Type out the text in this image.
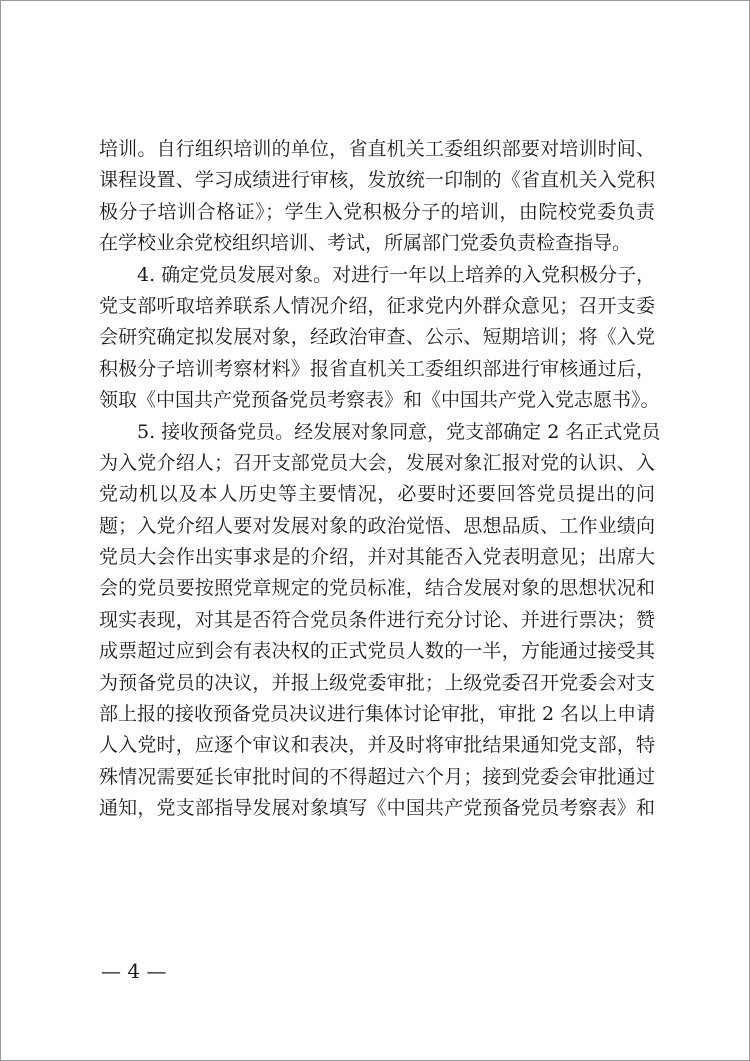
培训。自行组织培训的单位，省直机关工委组织部要对培训时间、
课程设置、学习成绩进行审核，发放统一印制的《省直机关入党积
极分子培训合格证》；学生入党积极分子的培训，由院校党委负责
在学校业余党校组织培训、考试，所属部门党委负责检查指导。
4. 确定党员发展对象。对进行一年以上培养的入党积极分子，
党支部听取培养联系人情况介绍，征求党内外群众意见；召开支委
会研究确定拟发展对象，经政治审查、公示、短期培训；将《入党
积极分子培训考察材料》报省直机关工委组织部进行审核通过后，
领取《中国共产党预备党员考察表》和《中国共产党入党志愿书》。
5. 接收预备党员。经发展对象同意，党支部确定 2 名正式党员
为入党介绍人；召开支部党员大会，发展对象汇报对党的认识、入
党动机以及本人历史等主要情况，必要时还要回答党员提出的问
题；入党介绍人要对发展对象的政治觉悟、思想品质、工作业绩向
党员大会作出实事求是的介绍，并对其能否入党表明意见；出席大
会的党员要按照党章规定的党员标准，结合发展对象的思想状况和
现实表现，对其是否符合党员条件进行充分讨论、并进行票决；赞
成票超过应到会有表决权的正式党员人数的一半，方能通过接受其
为预备党员的决议，并报上级党委审批；上级党委召开党委会对支
部上报的接收预备党员决议进行集体讨论审批，审批 2 名以上申请
人入党时，应逐个审议和表决，并及时将审批结果通知党支部，特
殊情况需要延长审批时间的不得超过六个月；接到党委会审批通过
通知，党支部指导发展对象填写《中国共产党预备党员考察表》和
— 4 —
